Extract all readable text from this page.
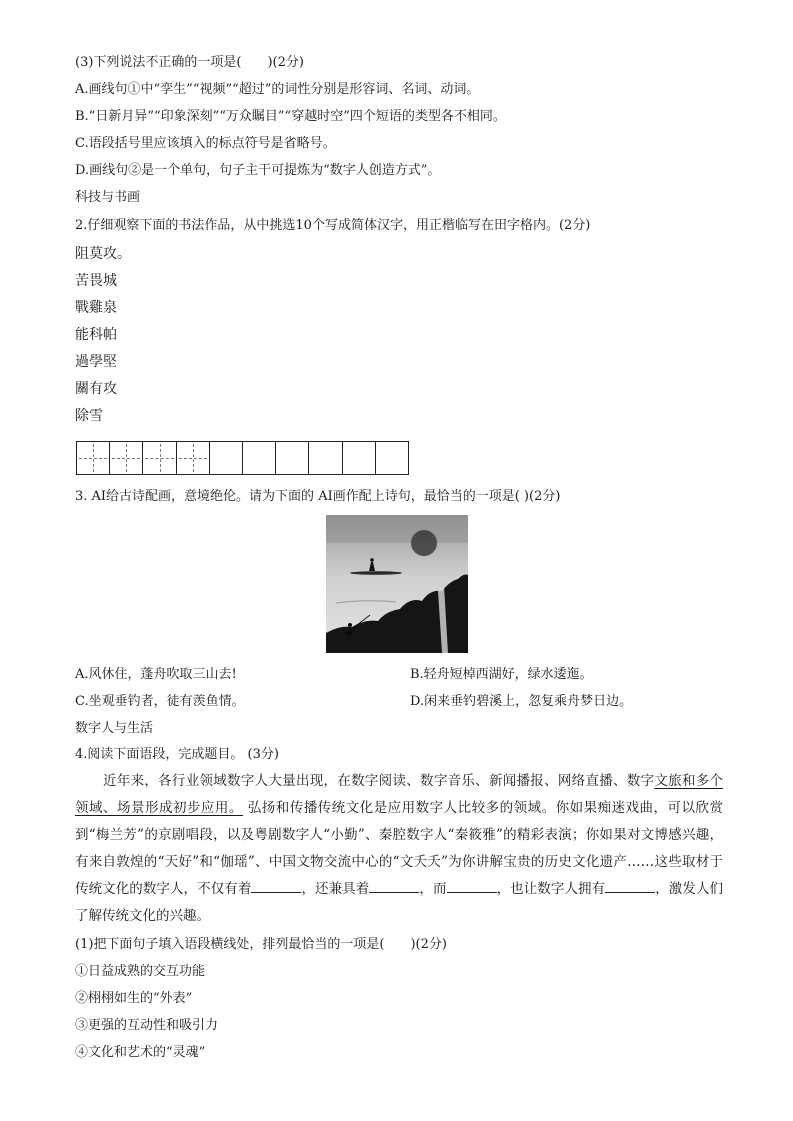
(3)下列说法不正确的一项是(　　)(2分)
A.画线句①中“孪生”“视频”“超过”的词性分别是形容词、名词、动词。
B.“日新月异”“印象深刻”“万众瞩目”“穿越时空”四个短语的类型各不相同。
C.语段括号里应该填入的标点符号是省略号。
D.画线句②是一个单句，句子主干可提炼为“数字人创造方式”。
科技与书画
2.仔细观察下面的书法作品，从中挑选10个写成简体汉字，用正楷临写在田字格内。(2分)
阻莫攻。
苦畏城
戰雞泉
能科帕
過學堅
關有攻
除雪
3. AI给古诗配画，意境绝伦。请为下面的 AI画作配上诗句，最恰当的一项是( )(2分)
A.风休住，蓬舟吹取三山去!	B.轻舟短棹西湖好，绿水逶迤。
C.坐观垂钓者，徒有羡鱼情。	D.闲来垂钓碧溪上，忽复乘舟梦日边。
数字人与生活
4.阅读下面语段，完成题目。 (3分)
近年来，各行业领域数字人大量出现，在数字阅读、数字音乐、新闻播报、网络直播、数字文旅和多个领域、场景形成初步应用。 弘扬和传播传统文化是应用数字人比较多的领域。你如果痴迷戏曲，可以欣赏到“梅兰芳”的京剧唱段，以及粤剧数字人“小勤”、秦腔数字人“秦筱雅”的精彩表演；你如果对文博感兴趣，有来自敦煌的“天好”和“伽瑶”、中国文物交流中心的“文夭夭”为你讲解宝贵的历史文化遗产……这些取材于传统文化的数字人，不仅有着	，还兼具着	，而	，也让数字人拥有	，激发人们了解传统文化的兴趣。
(1)把下面句子填入语段横线处，排列最恰当的一项是(　　)(2分)
①日益成熟的交互功能
②栩栩如生的“外表”
③更强的互动性和吸引力
④文化和艺术的“灵魂”
